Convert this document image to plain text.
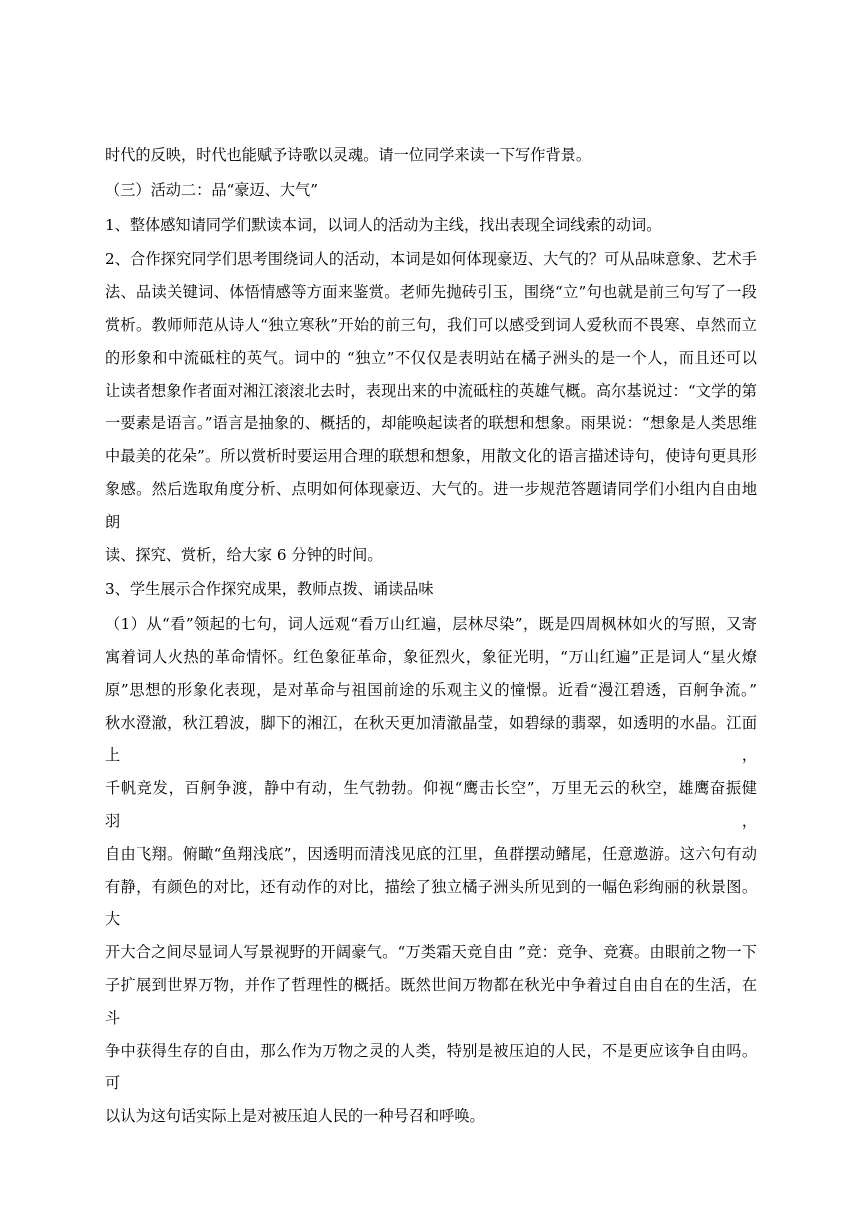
时代的反映，时代也能赋予诗歌以灵魂。请一位同学来读一下写作背景。
（三）活动二：品“豪迈、大气”
1、整体感知请同学们默读本词，以词人的活动为主线，找出表现全词线索的动词。
2、合作探究同学们思考围绕词人的活动，本词是如何体现豪迈、大气的？可从品味意象、艺术手
法、品读关键词、体悟情感等方面来鉴赏。老师先抛砖引玉，围绕“立”句也就是前三句写了一段
赏析。教师师范从诗人“独立寒秋”开始的前三句，我们可以感受到词人爱秋而不畏寒、卓然而立
的形象和中流砥柱的英气。词中的 “独立”不仅仅是表明站在橘子洲头的是一个人，而且还可以
让读者想象作者面对湘江滚滚北去时，表现出来的中流砥柱的英雄气概。高尔基说过：“文学的第
一要素是语言。”语言是抽象的、概括的，却能唤起读者的联想和想象。雨果说：“想象是人类思维
中最美的花朵”。所以赏析时要运用合理的联想和想象，用散文化的语言描述诗句，使诗句更具形
象感。然后选取角度分析、点明如何体现豪迈、大气的。进一步规范答题请同学们小组内自由地朗
读、探究、赏析，给大家 6 分钟的时间。
3、学生展示合作探究成果，教师点拨、诵读品味
（1）从“看”领起的七句，词人远观“看万山红遍，层林尽染”，既是四周枫林如火的写照，又寄
寓着词人火热的革命情怀。红色象征革命，象征烈火，象征光明，“万山红遍”正是词人“星火燎
原”思想的形象化表现，是对革命与祖国前途的乐观主义的憧憬。近看“漫江碧透，百舸争流。”
秋水澄澈，秋江碧波，脚下的湘江，在秋天更加清澈晶莹，如碧绿的翡翠，如透明的水晶。江面上，
千帆竞发，百舸争渡，静中有动，生气勃勃。仰视“鹰击长空”，万里无云的秋空，雄鹰奋振健羽，
自由飞翔。俯瞰“鱼翔浅底”，因透明而清浅见底的江里，鱼群摆动鳍尾，任意遨游。这六句有动
有静，有颜色的对比，还有动作的对比，描绘了独立橘子洲头所见到的一幅色彩绚丽的秋景图。大
开大合之间尽显词人写景视野的开阔豪气。“万类霜天竞自由 ”竞：竞争、竞赛。由眼前之物一下
子扩展到世界万物，并作了哲理性的概括。既然世间万物都在秋光中争着过自由自在的生活，在斗
争中获得生存的自由，那么作为万物之灵的人类，特别是被压迫的人民，不是更应该争自由吗。可
以认为这句话实际上是对被压迫人民的一种号召和呼唤。
